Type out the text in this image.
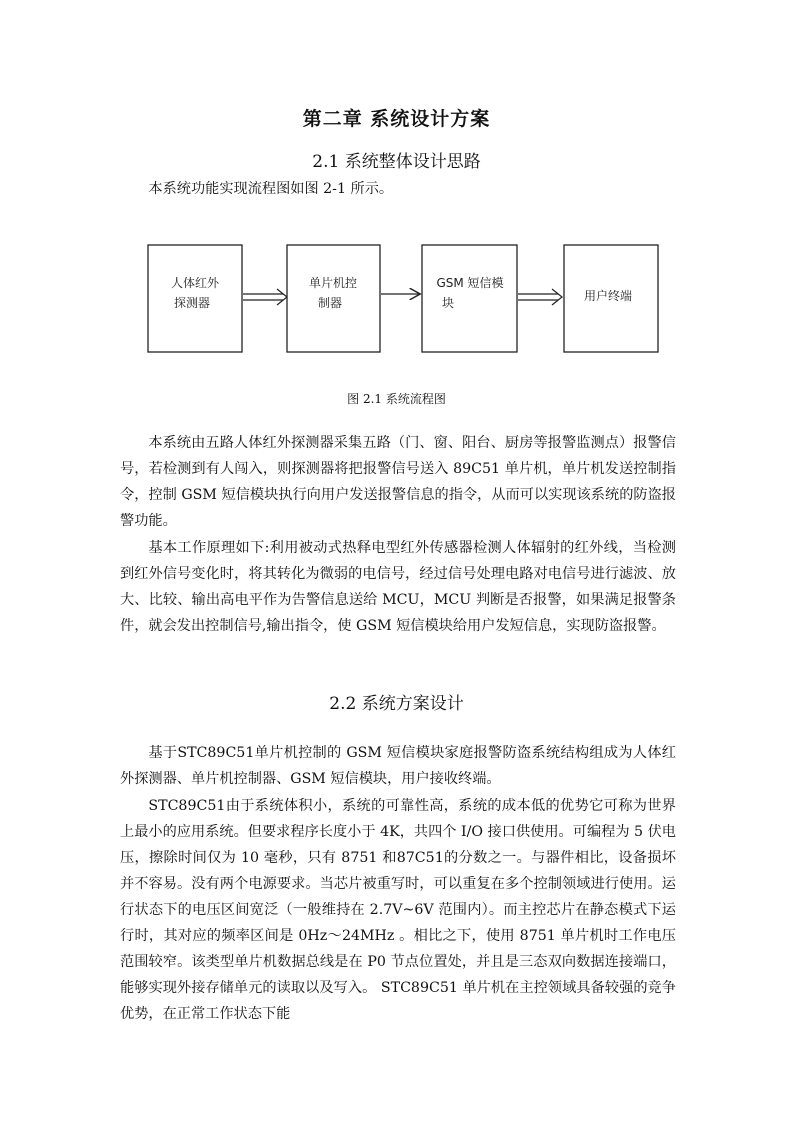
第二章 系统设计方案
2.1 系统整体设计思路

本系统功能实现流程图如图 2-1 所示。

人体红外
探测器
单片机控
制器
GSM 短信模
块	用户终端
图 2.1 系统流程图

本系统由五路人体红外探测器采集五路（门、窗、阳台、厨房等报警监测点）报警信号，若检测到有人闯入，则探测器将把报警信号送入 89C51 单片机，单片机发送控制指令，控制 GSM 短信模块执行向用户发送报警信息的指令，从而可以实现该系统的防盗报警功能。

基本工作原理如下:利用被动式热释电型红外传感器检测人体辐射的红外线，当检测到红外信号变化时，将其转化为微弱的电信号，经过信号处理电路对电信号进行滤波、放大、比较、输出高电平作为告警信息送给 MCU，MCU 判断是否报警，如果满足报警条件，就会发出控制信号,输出指令，使 GSM 短信模块给用户发短信息，实现防盗报警。

2.2 系统方案设计

基于STC89C51单片机控制的 GSM 短信模块家庭报警防盗系统结构组成为人体红外探测器、单片机控制器、GSM 短信模块，用户接收终端。

STC89C51由于系统体积小，系统的可靠性高，系统的成本低的优势它可称为世界上最小的应用系统。但要求程序长度小于 4K，共四个 I/O 接口供使用。可编程为 5 伏电压，擦除时间仅为 10 毫秒，只有 8751 和87C51的分数之一。与器件相比，设备损坏并不容易。没有两个电源要求。当芯片被重写时，可以重复在多个控制领域进行使用。运行状态下的电压区间宽泛（一般维持在 2.7V~6V 范围内）。而主控芯片在静态模式下运行时，其对应的频率区间是 0Hz～24MHz 。相比之下，使用 8751 单片机时工作电压范围较窄。该类型单片机数据总线是在 P0 节点位置处，并且是三态双向数据连接端口，能够实现外接存储单元的读取以及写入。 STC89C51 单片机在主控领域具备较强的竞争优势，在正常工作状态下能
